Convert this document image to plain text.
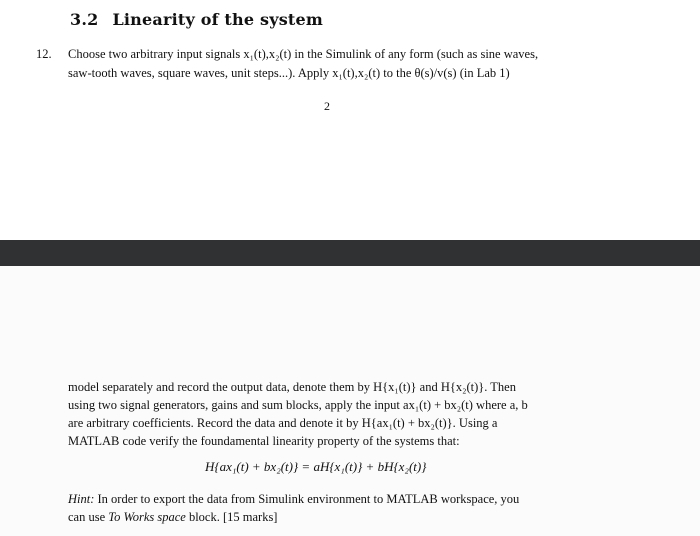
3.2 Linearity of the system
12. Choose two arbitrary input signals x₁(t),x₂(t) in the Simulink of any form (such as sine waves,
saw-tooth waves, square waves, unit steps...). Apply x₁(t),x₂(t) to the θ(s)/v(s) (in Lab 1)
2
model separately and record the output data, denote them by H{x₁(t)} and H{x₂(t)}. Then
using two signal generators, gains and sum blocks, apply the input ax₁(t) + bx₂(t) where a, b
are arbitrary coefficients. Record the data and denote it by H{ax₁(t) + bx₂(t)}. Using a
MATLAB code verify the foundamental linearity property of the systems that:
H{ax₁(t) + bx₂(t)} = aH{x₁(t)} + bH{x₂(t)}
Hint: In order to export the data from Simulink environment to MATLAB workspace, you
can use To Works space block. [15 marks]
